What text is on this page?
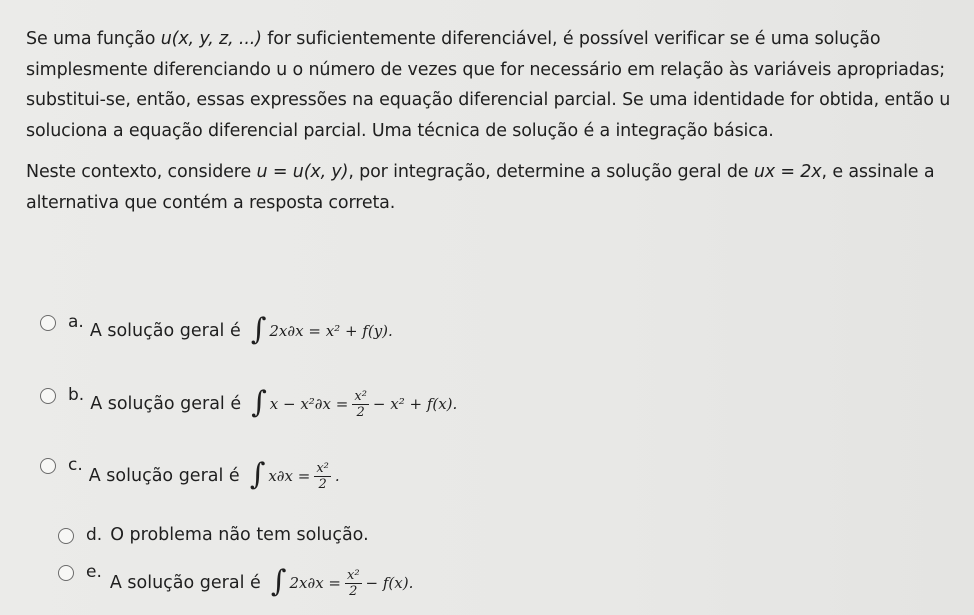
Se uma função u(x, y, z, ...) for suficientemente diferenciável, é possível verificar se é uma solução simplesmente diferenciando u o número de vezes que for necessário em relação às variáveis apropriadas; substitui-se, então, essas expressões na equação diferencial parcial. Se uma identidade for obtida, então u soluciona a equação diferencial parcial. Uma técnica de solução é a integração básica.

Neste contexto, considere u = u(x, y), por integração, determine a solução geral de ux = 2x, e assinale a alternativa que contém a resposta correta.

a. A solução geral é ∫ 2x∂x = x² + f(y).
b. A solução geral é ∫ $x - x^2\partial x = \frac{\text{x²}}{2} - x^2 + f(x)$.
c.
A solução geral é ∫ $x\partial x = \frac{\text{x²}}{2}$ .
d. O problema não tem solução.
e.
A solução geral é ∫ $2x\partial x = \frac{\text{x²}}{2} - f(x)$.
